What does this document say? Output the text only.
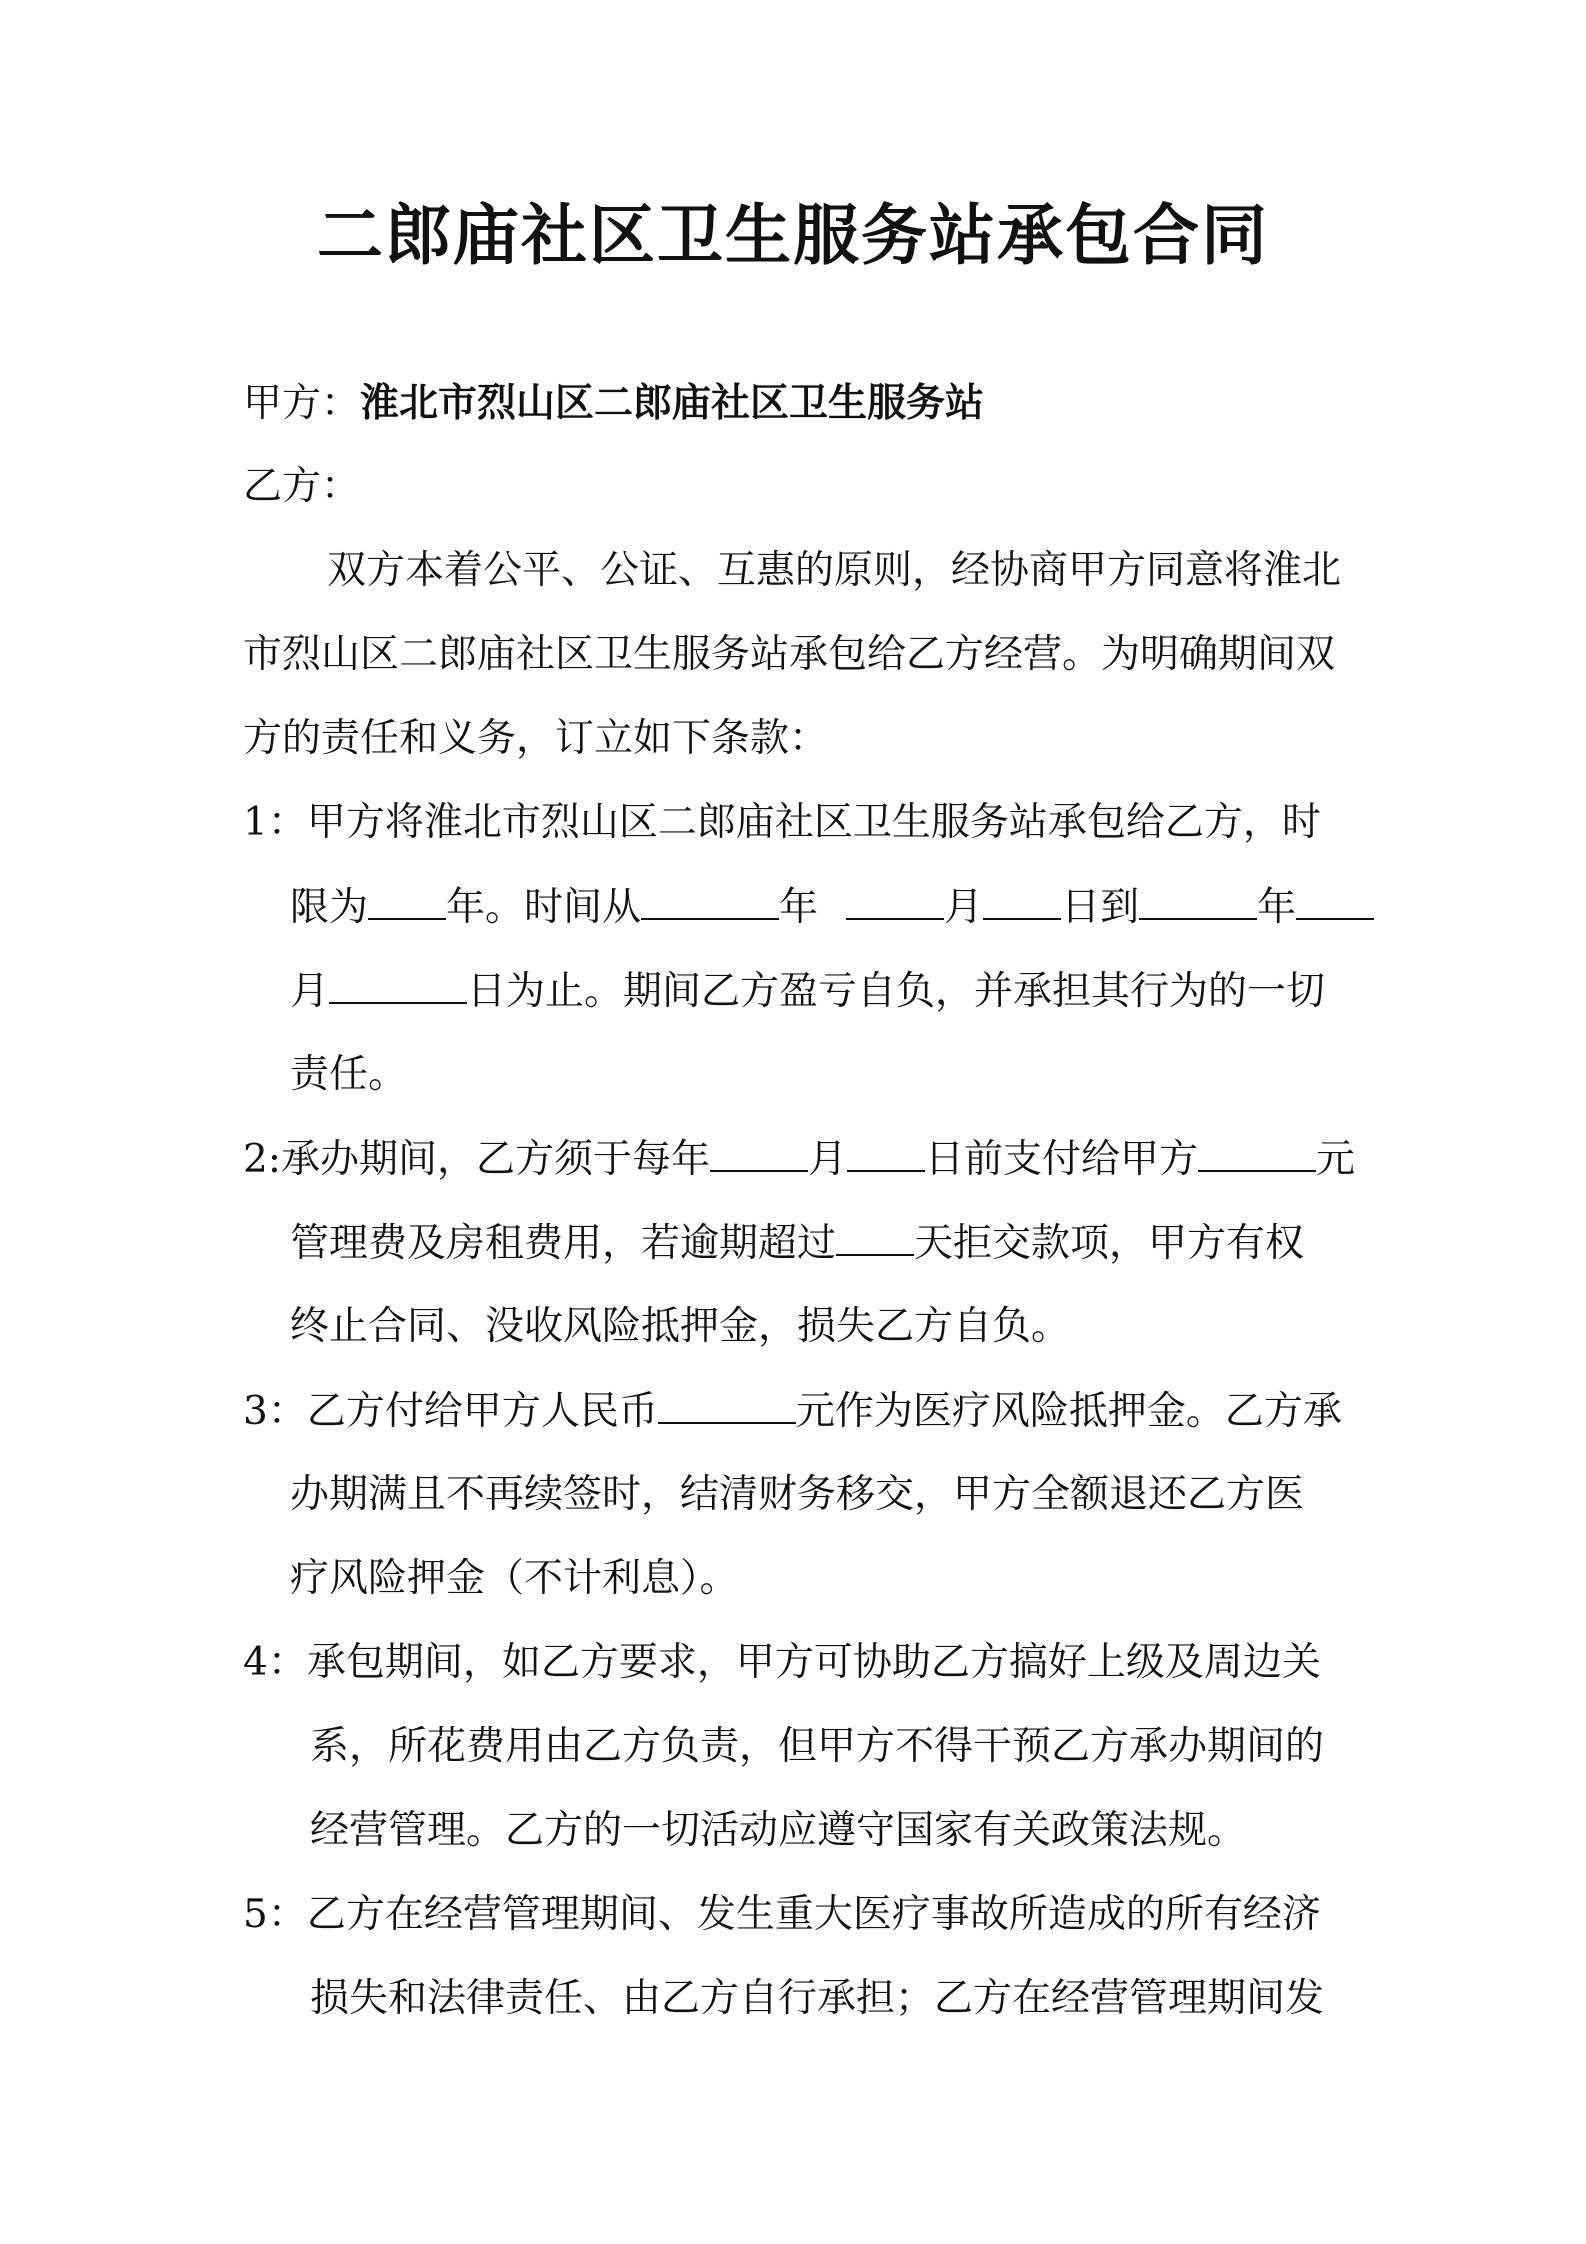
二郎庙社区卫生服务站承包合同
甲方：淮北市烈山区二郎庙社区卫生服务站
乙方：
双方本着公平、公证、互惠的原则，经协商甲方同意将淮北
市烈山区二郎庙社区卫生服务站承包给乙方经营。为明确期间双
方的责任和义务，订立如下条款：
1：甲方将淮北市烈山区二郎庙社区卫生服务站承包给乙方，时
限为 年。时间从	年	月 日到	年
月	日为止。期间乙方盈亏自负，并承担其行为的一切
责任。
2:承办期间，乙方须于每年	月 日前支付给甲方	元
管理费及房租费用，若逾期超过 天拒交款项，甲方有权
终止合同、没收风险抵押金，损失乙方自负。
3：乙方付给甲方人民币	元作为医疗风险抵押金。乙方承
办期满且不再续签时，结清财务移交，甲方全额退还乙方医
疗风险押金（不计利息）。
4：承包期间，如乙方要求，甲方可协助乙方搞好上级及周边关
系，所花费用由乙方负责，但甲方不得干预乙方承办期间的
经营管理。乙方的一切活动应遵守国家有关政策法规。
5：乙方在经营管理期间、发生重大医疗事故所造成的所有经济
损失和法律责任、由乙方自行承担；乙方在经营管理期间发
